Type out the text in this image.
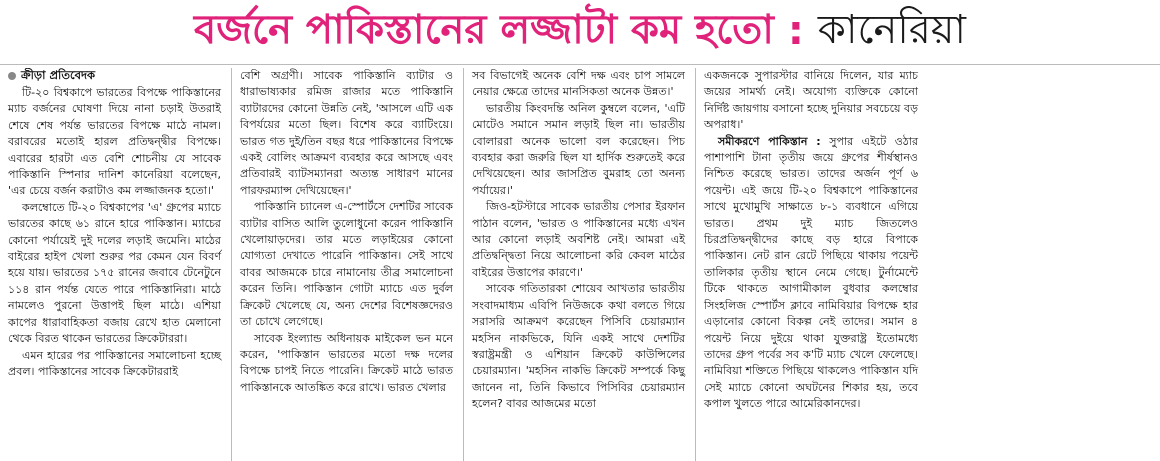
বর্জনে পাকিস্তানের লজ্জাটা কম হতো : কানেরিয়া
ক্রীড়া প্রতিবেদক

টি-২০ বিশ্বকাপে ভারতের বিপক্ষে পাকিস্তানের ম্যাচ বর্জনের ঘোষণা দিয়ে নানা চড়াই উতরাই শেষে শেষ পর্যন্ত ভারতের বিপক্ষে মাঠে নামল। বরাবরের মতোই হারল প্রতিদ্বন্দ্বীর বিপক্ষে। এবারের হারটা এত বেশি শোচনীয় যে সাবেক পাকিস্তানি স্পিনার দানিশ কানেরিয়া বলেছেন, 'এর চেয়ে বর্জন করাটাও কম লজ্জাজনক হতো।'

কলম্বোতে টি-২০ বিশ্বকাপের 'এ' গ্রুপের ম্যাচে ভারতের কাছে ৬১ রানে হারে পাকিস্তান। ম্যাচের কোনো পর্যায়েই দুই দলের লড়াই জমেনি। মাঠের বাইরের হাইপ খেলা শুরুর পর কেমন যেন বিবর্ণ হয়ে যায়। ভারতের ১৭৫ রানের জবাবে টেনেটুনে ১১৪ রান পর্যন্ত যেতে পারে পাকিস্তানিরা। মাঠে নামলেও পুরনো উত্তাপই ছিল মাঠে। এশিয়া কাপের ধারাবাহিকতা বজায় রেখে হাত মেলানো থেকে বিরত থাকেন ভারতের ক্রিকেটাররা।

এমন হারের পর পাকিস্তানের সমালোচনা হচ্ছে প্রবল। পাকিস্তানের সাবেক ক্রিকেটাররাই

বেশি অগ্রণী। সাবেক পাকিস্তানি ব্যাটার ও ধারাভাষ্যকার রমিজ রাজার মতে পাকিস্তানি ব্যাটারদের কোনো উন্নতি নেই, 'আসলে এটি এক বিপর্যয়ের মতো ছিল। বিশেষ করে ব্যাটিংয়ে। ভারত গত দুই/তিন বছর ধরে পাকিস্তানের বিপক্ষে একই বোলিং আক্রমণ ব্যবহার করে আসছে এবং প্রতিবারই ব্যাটসম্যানরা অত্যন্ত সাধারণ মানের পারফরম্যান্স দেখিয়েছেন।'

পাকিস্তানি চ্যানেল এ-স্পোর্টসে দেশটির সাবেক ব্যাটার বাসিত আলি তুলোধুনো করেন পাকিস্তানি খেলোয়াড়দের। তার মতে লড়াইয়ের কোনো যোগ্যতা দেখাতে পারেনি পাকিস্তান। সেই সাথে বাবর আজমকে চারে নামানোয় তীব্র সমালোচনা করেন তিনি। পাকিস্তান গোটা ম্যাচে এত দুর্বল ক্রিকেট খেলেছে যে, অন্য দেশের বিশেষজ্ঞদেরও তা চোখে লেগেছে।

সাবেক ইংল্যান্ড অধিনায়ক মাইকেল ভন মনে করেন, 'পাকিস্তান ভারতের মতো দক্ষ দলের বিপক্ষে চাপই নিতে পারেনি। ক্রিকেট মাঠে ভারত পাকিস্তানকে আতঙ্কিত করে রাখে। ভারত খেলার

সব বিভাগেই অনেক বেশি দক্ষ এবং চাপ সামলে নেয়ার ক্ষেত্রে তাদের মানসিকতা অনেক উন্নত।'

ভারতীয় কিংবদন্তি অনিল কুম্বলে বলেন, 'এটি মোটেও সমানে সমান লড়াই ছিল না। ভারতীয় বোলাররা অনেক ভালো বল করেছেন। পিচ ব্যবহার করা জরুরি ছিল যা হার্দিক শুরুতেই করে দেখিয়েছেন। আর জাসপ্রিত বুমরাহ তো অনন্য পর্যায়ের।'

জিও-হটস্টারে সাবেক ভারতীয় পেসার ইরফান পাঠান বলেন, 'ভারত ও পাকিস্তানের মধ্যে এখন আর কোনো লড়াই অবশিষ্ট নেই। আমরা এই প্রতিদ্বন্দ্বিতা নিয়ে আলোচনা করি কেবল মাঠের বাইরের উত্তাপের কারণে।'

সাবেক গতিতারকা শোয়েব আখতার ভারতীয় সংবাদমাধ্যম এবিপি নিউজকে কথা বলতে গিয়ে সরাসরি আক্রমণ করেছেন পিসিবি চেয়ারম্যান মহসিন নাকভিকে, যিনি একই সাথে দেশটির স্বরাষ্ট্রমন্ত্রী ও এশিয়ান ক্রিকেট কাউন্সিলের চেয়ারম্যান। 'মহসিন নাকভি ক্রিকেট সম্পর্কে কিছু জানেন না, তিনি কিভাবে পিসিবির চেয়ারম্যান হলেন? বাবর আজমের মতো

একজনকে সুপারস্টার বানিয়ে দিলেন, যার ম্যাচ জয়ের সামর্থ্য নেই। অযোগ্য ব্যক্তিকে কোনো নির্দিষ্ট জায়গায় বসানো হচ্ছে দুনিয়ার সবচেয়ে বড় অপরাধ।'

সমীকরণে পাকিস্তান : সুপার এইটে ওঠার পাশাপাশি টানা তৃতীয় জয়ে গ্রুপের শীর্ষস্থানও নিশ্চিত করেছে ভারত। তাদের অর্জন পূর্ণ ৬ পয়েন্ট। এই জয়ে টি-২০ বিশ্বকাপে পাকিস্তানের সাথে মুখোমুখি সাক্ষাতে ৮-১ ব্যবধানে এগিয়ে ভারত। প্রথম দুই ম্যাচ জিতলেও চিরপ্রতিদ্বন্দ্বীদের কাছে বড় হারে বিপাকে পাকিস্তান। নেট রান রেটে পিছিয়ে থাকায় পয়েন্ট তালিকার তৃতীয় স্থানে নেমে গেছে। টুর্নামেন্টে টিকে থাকতে আগামীকাল বুধবার কলম্বোর সিংহলিজ স্পোর্টস ক্লাবে নামিবিয়ার বিপক্ষে হার এড়ানোর কোনো বিকল্প নেই তাদের। সমান ৪ পয়েন্ট নিয়ে দুইয়ে থাকা যুক্তরাষ্ট্র ইতোমধ্যে তাদের গ্রুপ পর্বের সব ক'টি ম্যাচ খেলে ফেলেছে। নামিবিয়া শক্তিতে পিছিয়ে থাকলেও পাকিস্তান যদি সেই ম্যাচে কোনো অঘটনের শিকার হয়, তবে কপাল খুলতে পারে আমেরিকানদের।
